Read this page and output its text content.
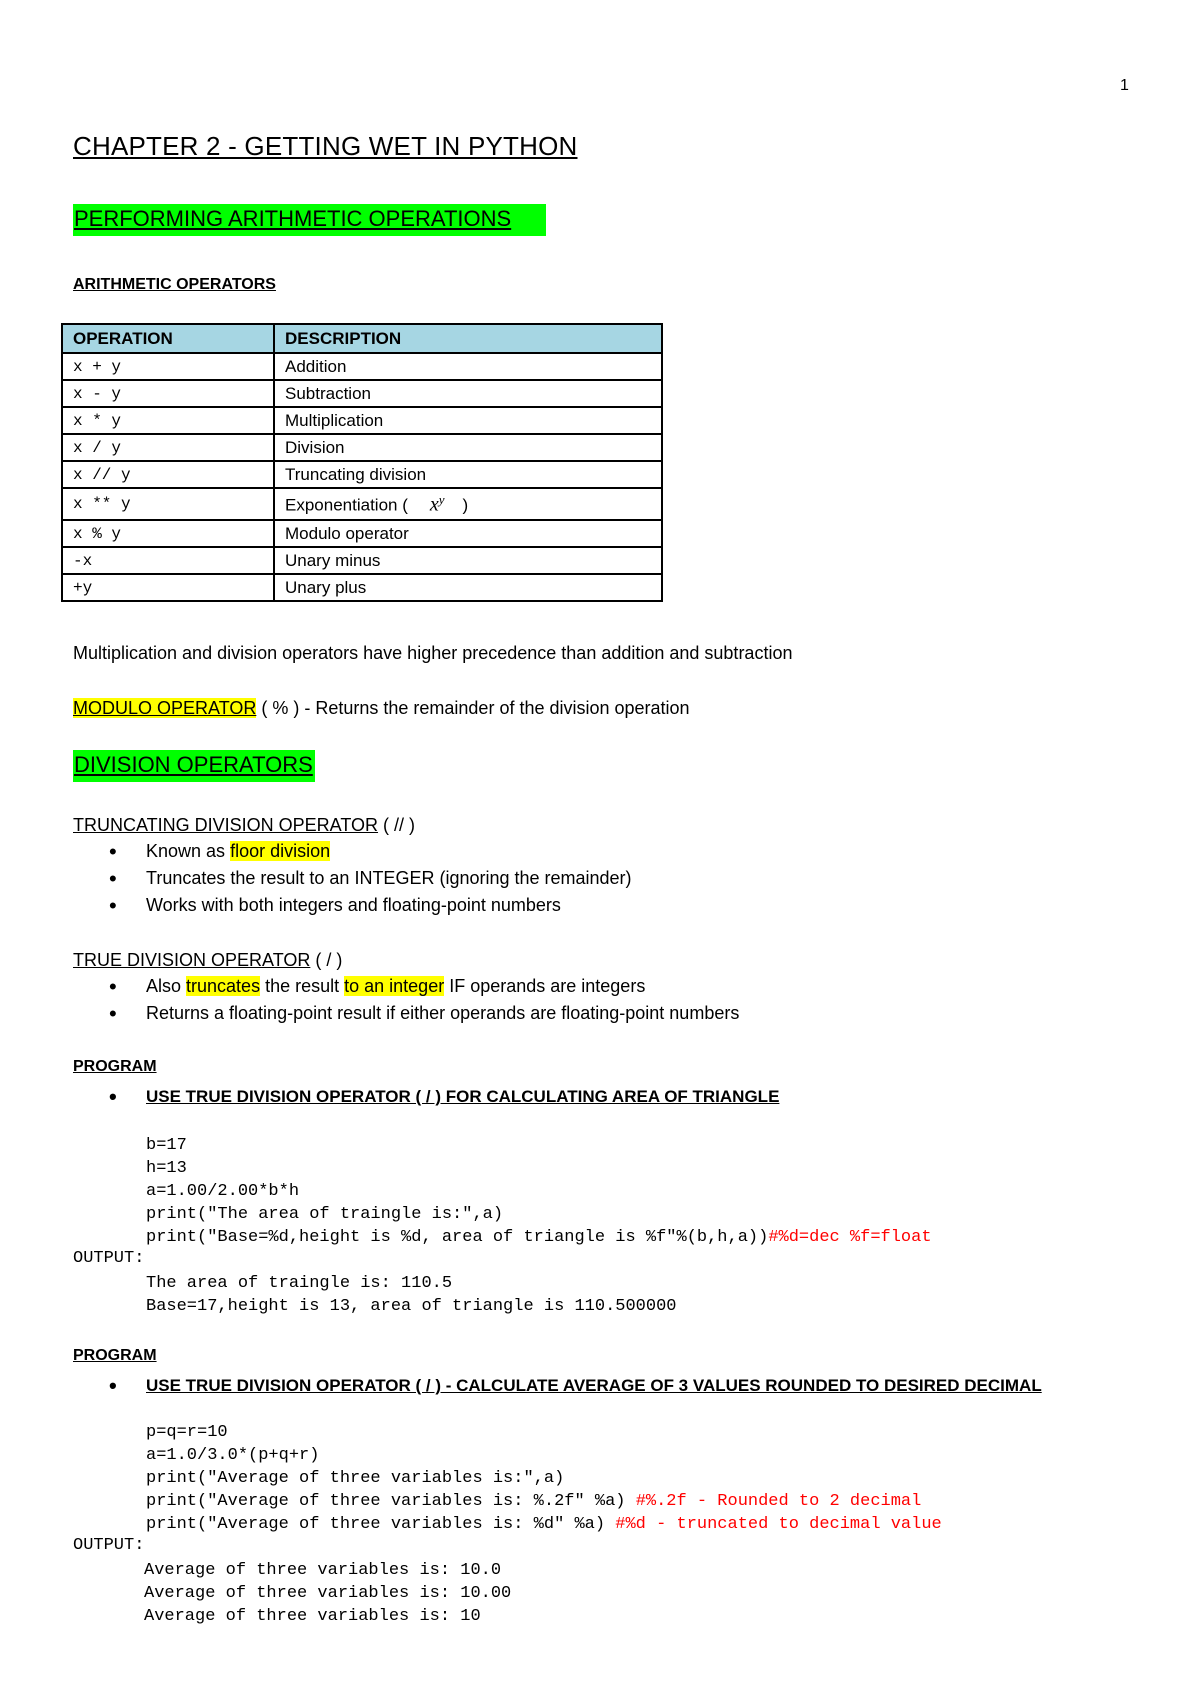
1
CHAPTER 2 - GETTING WET IN PYTHON
PERFORMING ARITHMETIC OPERATIONS
ARITHMETIC OPERATORS
OPERATION	DESCRIPTION
x + y	Addition
x - y	Subtraction
x * y	Multiplication
x / y	Division
x // y	Truncating division
x ** y	Exponentiation ( $x^y$ )
x % y	Modulo operator
-x	Unary minus
+y	Unary plus
Multiplication and division operators have higher precedence than addition and subtraction
MODULO OPERATOR ( % ) - Returns the remainder of the division operation
DIVISION OPERATORS
TRUNCATING DIVISION OPERATOR ( // )
• Known as floor division
• Truncates the result to an INTEGER (ignoring the remainder)
• Works with both integers and floating-point numbers
TRUE DIVISION OPERATOR ( / )
• Also truncates the result to an integer IF operands are integers
• Returns a floating-point result if either operands are floating-point numbers
PROGRAM
• USE TRUE DIVISION OPERATOR ( / ) FOR CALCULATING AREA OF TRIANGLE
b=17
h=13
a=1.00/2.00*b*h
print("The area of traingle is:",a)
print("Base=%d,height is %d, area of triangle is %f"%(b,h,a))#%d=dec %f=float
OUTPUT:
The area of traingle is: 110.5
Base=17,height is 13, area of triangle is 110.500000
PROGRAM
• USE TRUE DIVISION OPERATOR ( / ) - CALCULATE AVERAGE OF 3 VALUES ROUNDED TO DESIRED DECIMAL
p=q=r=10
a=1.0/3.0*(p+q+r)
print("Average of three variables is:",a)
print("Average of three variables is: %.2f" %a) #%.2f - Rounded to 2 decimal
print("Average of three variables is: %d" %a) #%d - truncated to decimal value
OUTPUT:
Average of three variables is: 10.0
Average of three variables is: 10.00
Average of three variables is: 10
